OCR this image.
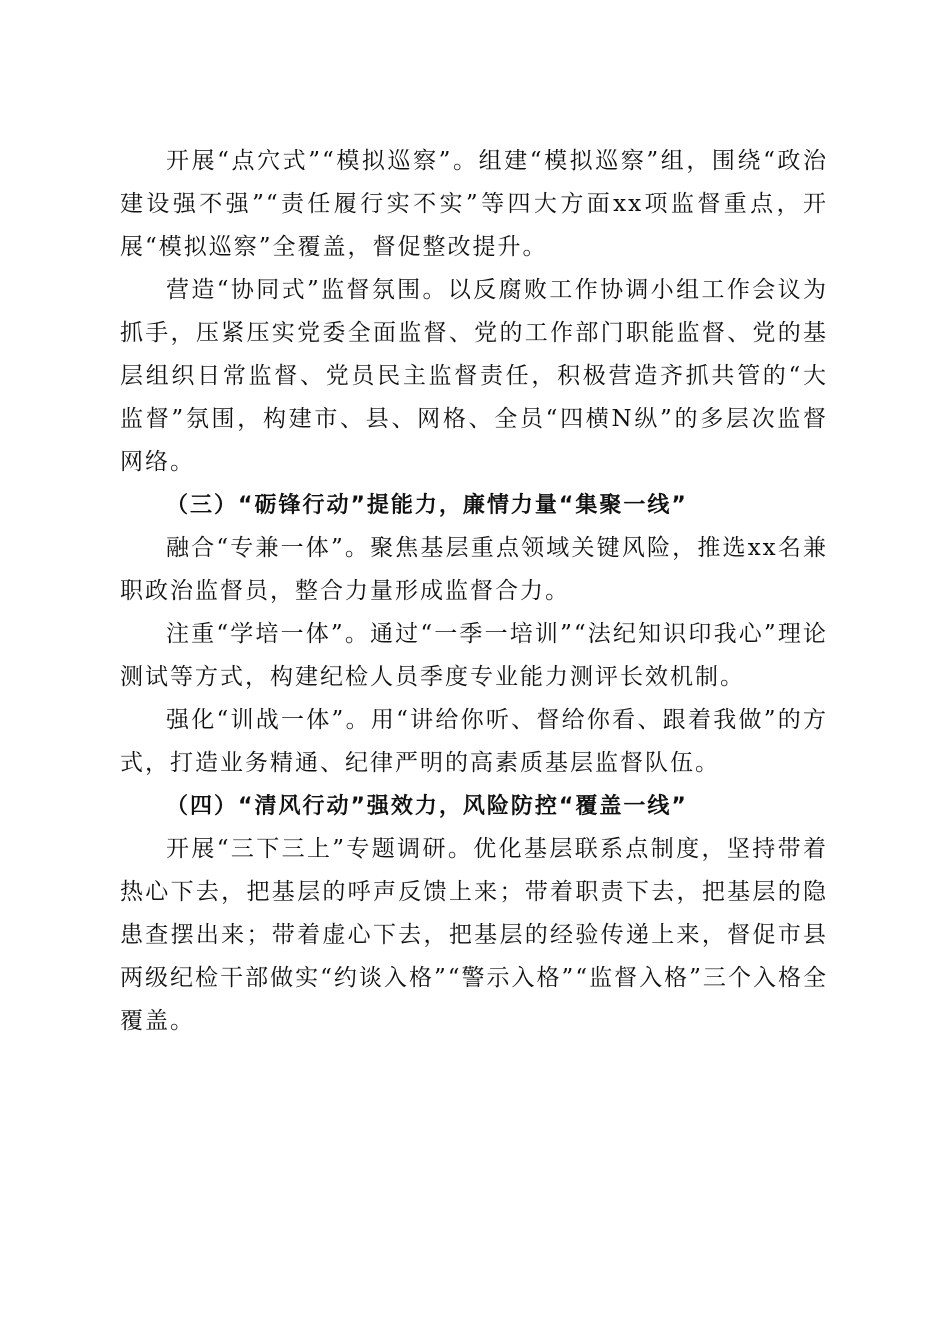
开展“点穴式”“模拟巡察”。组建“模拟巡察”组，围绕“政治建设强不强”“责任履行实不实”等四大方面xx项监督重点，开展“模拟巡察”全覆盖，督促整改提升。

营造“协同式”监督氛围。以反腐败工作协调小组工作会议为抓手，压紧压实党委全面监督、党的工作部门职能监督、党的基层组织日常监督、党员民主监督责任，积极营造齐抓共管的“大监督”氛围，构建市、县、网格、全员“四横N纵”的多层次监督网络。

（三）“砺锋行动”提能力，廉情力量“集聚一线”

融合“专兼一体”。聚焦基层重点领域关键风险，推选xx名兼职政治监督员，整合力量形成监督合力。

注重“学培一体”。通过“一季一培训”“法纪知识印我心”理论测试等方式，构建纪检人员季度专业能力测评长效机制。

强化“训战一体”。用“讲给你听、督给你看、跟着我做”的方式，打造业务精通、纪律严明的高素质基层监督队伍。

（四）“清风行动”强效力，风险防控“覆盖一线”

开展“三下三上”专题调研。优化基层联系点制度，坚持带着热心下去，把基层的呼声反馈上来；带着职责下去，把基层的隐患查摆出来；带着虚心下去，把基层的经验传递上来，督促市县两级纪检干部做实“约谈入格”“警示入格”“监督入格”三个入格全覆盖。
